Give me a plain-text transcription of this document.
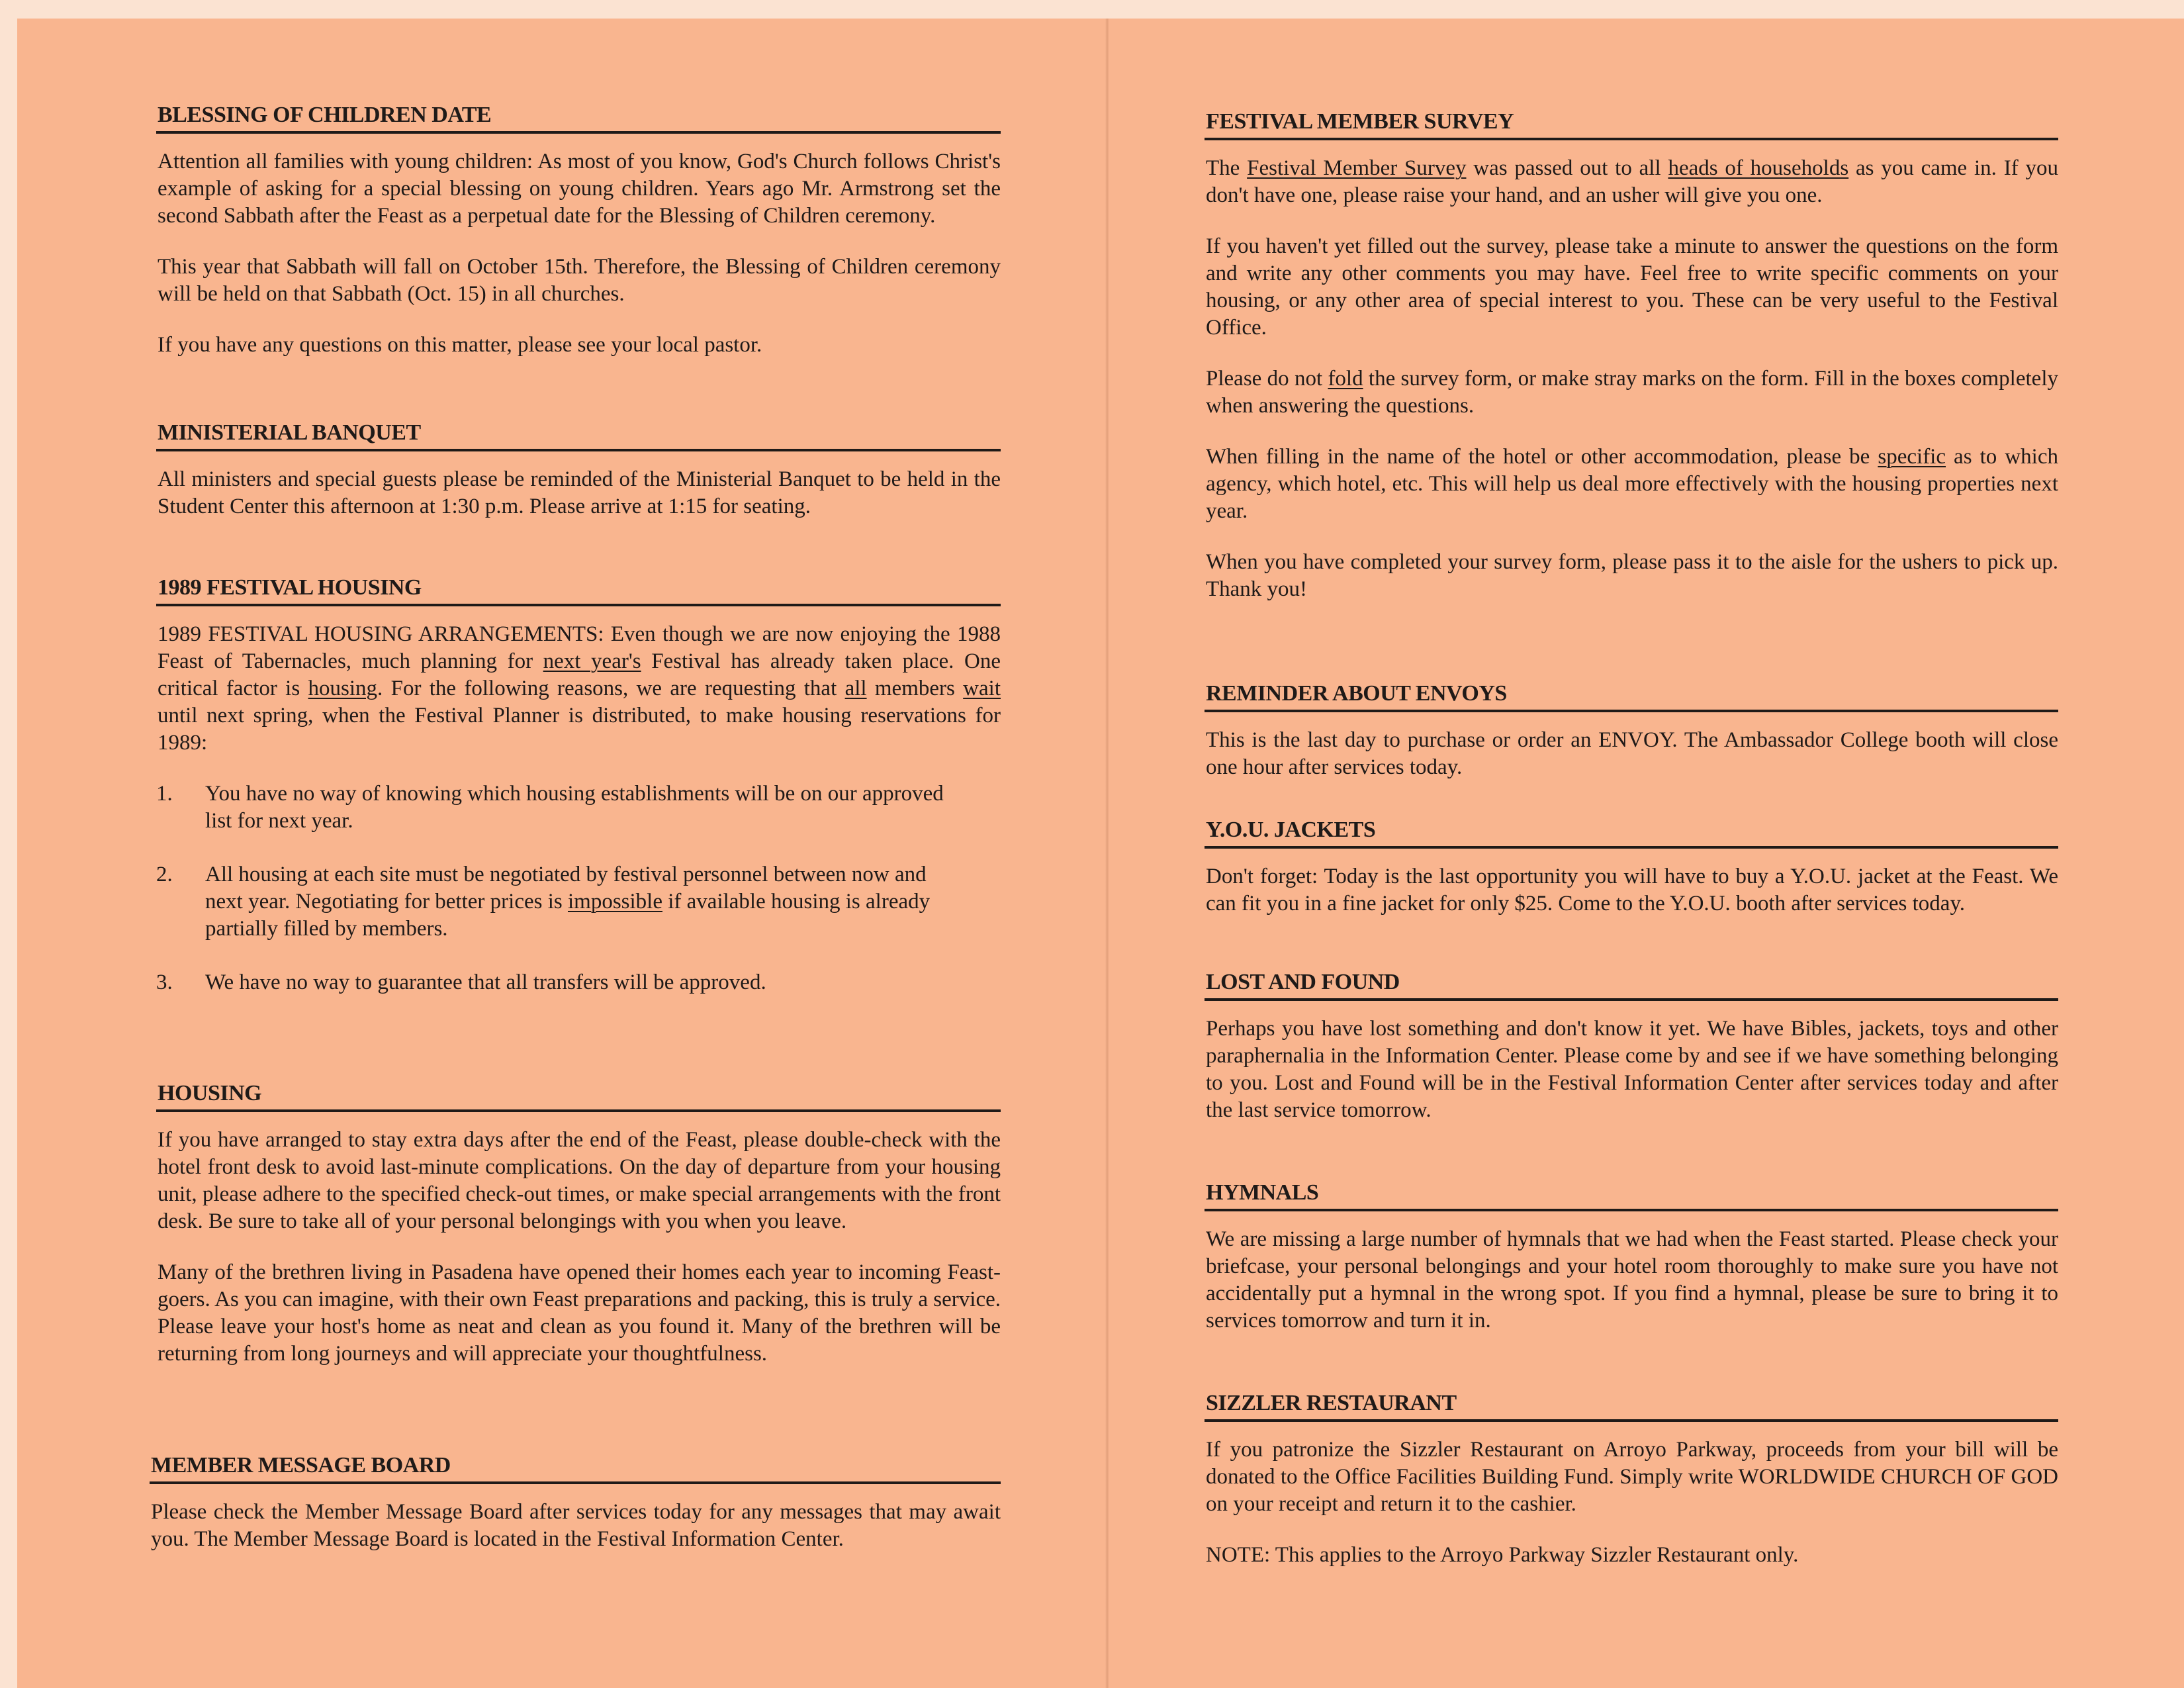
BLESSING OF CHILDREN DATE

Attention all families with young children: As most of you know, God's Church follows Christ's example of asking for a special blessing on young children. Years ago Mr. Armstrong set the second Sabbath after the Feast as a perpetual date for the Blessing of Children ceremony.

This year that Sabbath will fall on October 15th. Therefore, the Blessing of Children ceremony will be held on that Sabbath (Oct. 15) in all churches.

If you have any questions on this matter, please see your local pastor.

MINISTERIAL BANQUET

All ministers and special guests please be reminded of the Ministerial Banquet to be held in the Student Center this afternoon at 1:30 p.m. Please arrive at 1:15 for seating.

1989 FESTIVAL HOUSING

1989 FESTIVAL HOUSING ARRANGEMENTS: Even though we are now enjoying the 1988 Feast of Tabernacles, much planning for next year's Festival has already taken place. One critical factor is housing. For the following reasons, we are requesting that all members wait until next spring, when the Festival Planner is distributed, to make housing reservations for 1989:

1. You have no way of knowing which housing establishments will be on our approved list for next year.
2. All housing at each site must be negotiated by festival personnel between now and next year. Negotiating for better prices is impossible if available housing is already partially filled by members.
3. We have no way to guarantee that all transfers will be approved.
HOUSING

If you have arranged to stay extra days after the end of the Feast, please double-check with the hotel front desk to avoid last-minute complications. On the day of departure from your housing unit, please adhere to the specified check-out times, or make special arrangements with the front desk. Be sure to take all of your personal belongings with you when you leave.

Many of the brethren living in Pasadena have opened their homes each year to incoming Feast-goers. As you can imagine, with their own Feast preparations and packing, this is truly a service. Please leave your host's home as neat and clean as you found it. Many of the brethren will be returning from long journeys and will appreciate your thoughtfulness.

MEMBER MESSAGE BOARD

Please check the Member Message Board after services today for any messages that may await you. The Member Message Board is located in the Festival Information Center.

FESTIVAL MEMBER SURVEY

The Festival Member Survey was passed out to all heads of households as you came in. If you don't have one, please raise your hand, and an usher will give you one.

If you haven't yet filled out the survey, please take a minute to answer the questions on the form and write any other comments you may have. Feel free to write specific comments on your housing, or any other area of special interest to you. These can be very useful to the Festival Office.

Please do not fold the survey form, or make stray marks on the form. Fill in the boxes completely when answering the questions.

When filling in the name of the hotel or other accommodation, please be specific as to which agency, which hotel, etc. This will help us deal more effectively with the housing properties next year.

When you have completed your survey form, please pass it to the aisle for the ushers to pick up. Thank you!

REMINDER ABOUT ENVOYS

This is the last day to purchase or order an ENVOY. The Ambassador College booth will close one hour after services today.

Y.O.U. JACKETS

Don't forget: Today is the last opportunity you will have to buy a Y.O.U. jacket at the Feast. We can fit you in a fine jacket for only $25. Come to the Y.O.U. booth after services today.

LOST AND FOUND

Perhaps you have lost something and don't know it yet. We have Bibles, jackets, toys and other paraphernalia in the Information Center. Please come by and see if we have something belonging to you. Lost and Found will be in the Festival Information Center after services today and after the last service tomorrow.

HYMNALS

We are missing a large number of hymnals that we had when the Feast started. Please check your briefcase, your personal belongings and your hotel room thoroughly to make sure you have not accidentally put a hymnal in the wrong spot. If you find a hymnal, please be sure to bring it to services tomorrow and turn it in.

SIZZLER RESTAURANT

If you patronize the Sizzler Restaurant on Arroyo Parkway, proceeds from your bill will be donated to the Office Facilities Building Fund. Simply write WORLDWIDE CHURCH OF GOD on your receipt and return it to the cashier.

NOTE: This applies to the Arroyo Parkway Sizzler Restaurant only.
